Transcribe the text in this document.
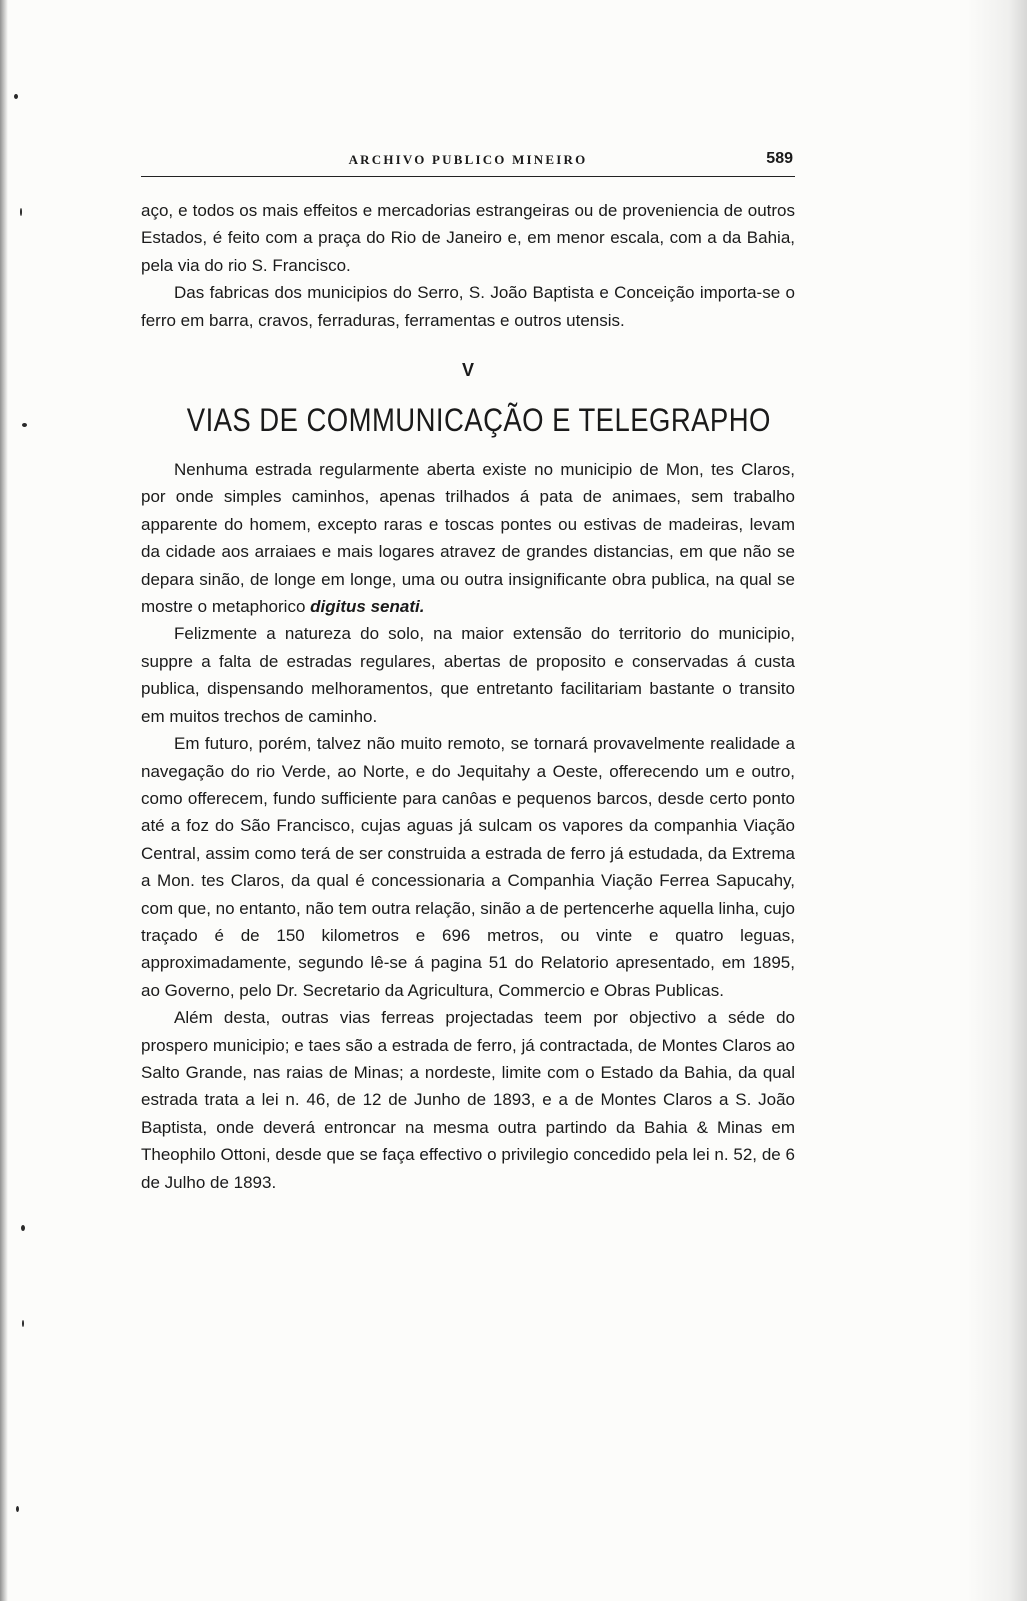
ARCHIVO PUBLICO MINEIRO	589

aço, e todos os mais effeitos e mercadorias estrangeiras ou de proveniencia de outros Estados, é feito com a praça do Rio de Janeiro e, em menor escala, com a da Bahia, pela via do rio S. Francisco.

Das fabricas dos municipios do Serro, S. João Baptista e Conceição importa-se o ferro em barra, cravos, ferraduras, ferramentas e outros utensis.

V
VIAS DE COMMUNICAÇÃO E TELEGRAPHO

Nenhuma estrada regularmente aberta existe no municipio de Mon, tes Claros, por onde simples caminhos, apenas trilhados á pata de animaes, sem trabalho apparente do homem, excepto raras e toscas pontes ou estivas de madeiras, levam da cidade aos arraiaes e mais logares atravez de grandes distancias, em que não se depara sinão, de longe em longe, uma ou outra insignificante obra publica, na qual se mostre o metaphorico digitus senati.

Felizmente a natureza do solo, na maior extensão do territorio do municipio, suppre a falta de estradas regulares, abertas de proposito e conservadas á custa publica, dispensando melhoramentos, que entretanto facilitariam bastante o transito em muitos trechos de caminho.

Em futuro, porém, talvez não muito remoto, se tornará provavelmente realidade a navegação do rio Verde, ao Norte, e do Jequitahy a Oeste, offerecendo um e outro, como offerecem, fundo sufficiente para canôas e pequenos barcos, desde certo ponto até a foz do São Francisco, cujas aguas já sulcam os vapores da companhia Viação Central, assim como terá de ser construida a estrada de ferro já estudada, da Extrema a Mon. tes Claros, da qual é concessionaria a Companhia Viação Ferrea Sapucahy, com que, no entanto, não tem outra relação, sinão a de pertencerhe aquella linha, cujo traçado é de 150 kilometros e 696 metros, ou vinte e quatro leguas, approximadamente, segundo lê-se á pagina 51 do Relatorio apresentado, em 1895, ao Governo, pelo Dr. Secretario da Agricultura, Commercio e Obras Publicas.

Além desta, outras vias ferreas projectadas teem por objectivo a séde do prospero municipio; e taes são a estrada de ferro, já contractada, de Montes Claros ao Salto Grande, nas raias de Minas; a nordeste, limite com o Estado da Bahia, da qual estrada trata a lei n. 46, de 12 de Junho de 1893, e a de Montes Claros a S. João Baptista, onde deverá entroncar na mesma outra partindo da Bahia & Minas em Theophilo Ottoni, desde que se faça effectivo o privilegio concedido pela lei n. 52, de 6 de Julho de 1893.
